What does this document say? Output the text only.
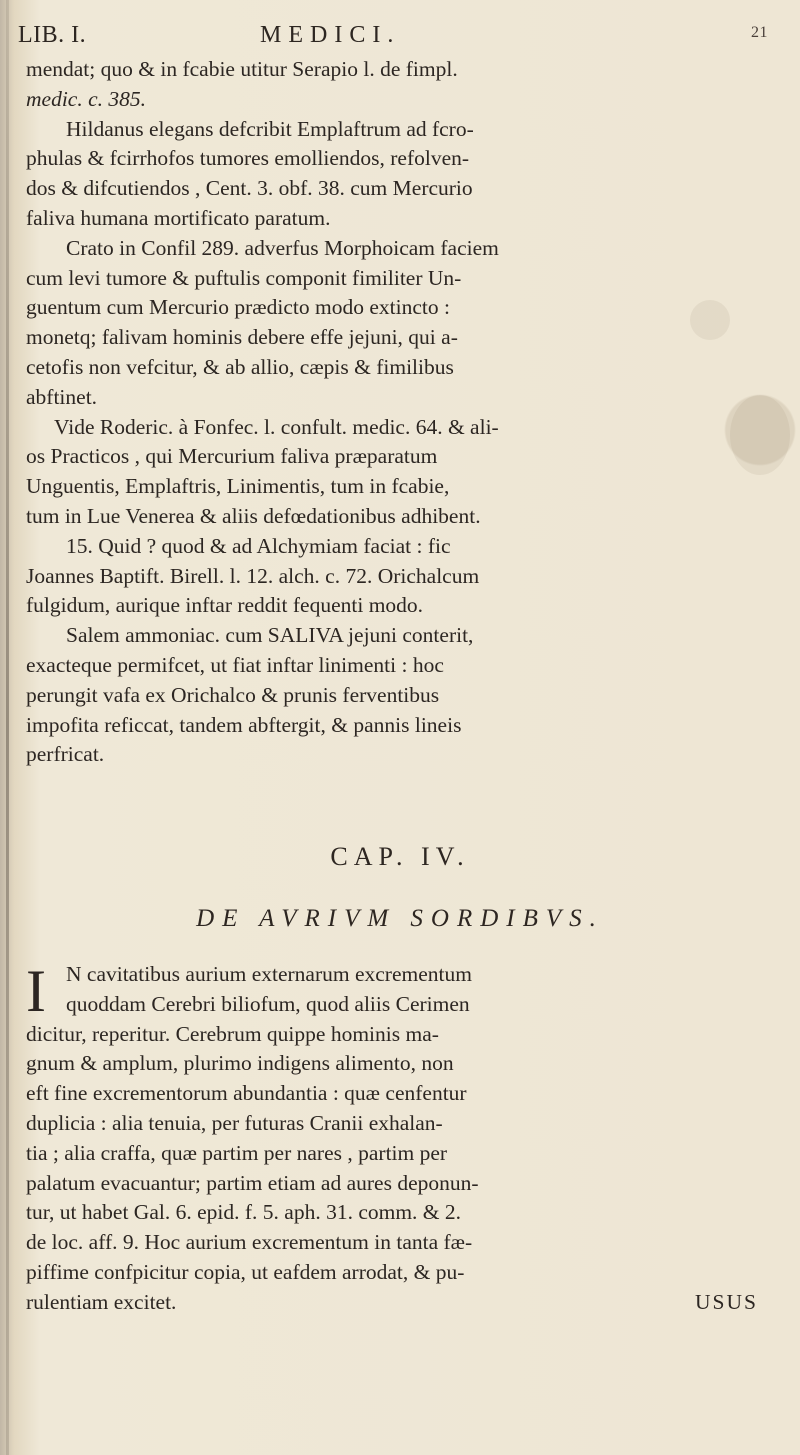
LIB. I.	MEDICI.	21
mendat; quo & in fcabie utitur Serapio l. de fimpl.
medic. c. 385.
Hildanus elegans defcribit Emplaftrum ad fcro-
phulas & fcirrhofos tumores emolliendos, refolven-
dos & difcutiendos , Cent. 3. obf. 38. cum Mercurio
faliva humana mortificato paratum.
Crato in Confil 289. adverfus Morphoicam faciem
cum levi tumore & puftulis componit fimiliter Un-
guentum cum Mercurio prædicto modo extincto :
monetq; falivam hominis debere effe jejuni, qui a-
cetofis non vefcitur, & ab allio, cæpis & fimilibus
abftinet.
Vide Roderic. à Fonfec. l. confult. medic. 64. & ali-
os Practicos , qui Mercurium faliva præparatum
Unguentis, Emplaftris, Linimentis, tum in fcabie,
tum in Lue Venerea & aliis defœdationibus adhibent.
15. Quid ? quod & ad Alchymiam faciat : fic
Joannes Baptift. Birell. l. 12. alch. c. 72. Orichalcum
fulgidum, aurique inftar reddit fequenti modo.
Salem ammoniac. cum SALIVA jejuni conterit,
exacteque permifcet, ut fiat inftar linimenti : hoc
perungit vafa ex Orichalco & prunis ferventibus
impofita reficcat, tandem abftergit, & pannis lineis
perfricat.
CAP. IV.
DE AVRIVM SORDIBVS.
I N cavitatibus aurium externarum excrementum
quoddam Cerebri biliofum, quod aliis Cerimen
dicitur, reperitur. Cerebrum quippe hominis ma-
gnum & amplum, plurimo indigens alimento, non
eft fine excrementorum abundantia : quæ cenfentur
duplicia : alia tenuia, per futuras Cranii exhalan-
tia ; alia craffa, quæ partim per nares , partim per
palatum evacuantur; partim etiam ad aures deponun-
tur, ut habet Gal. 6. epid. f. 5. aph. 31. comm. & 2.
de loc. aff. 9. Hoc aurium excrementum in tanta fæ-
piffime confpicitur copia, ut eafdem arrodat, & pu-
rulentiam excitet.	USUS
